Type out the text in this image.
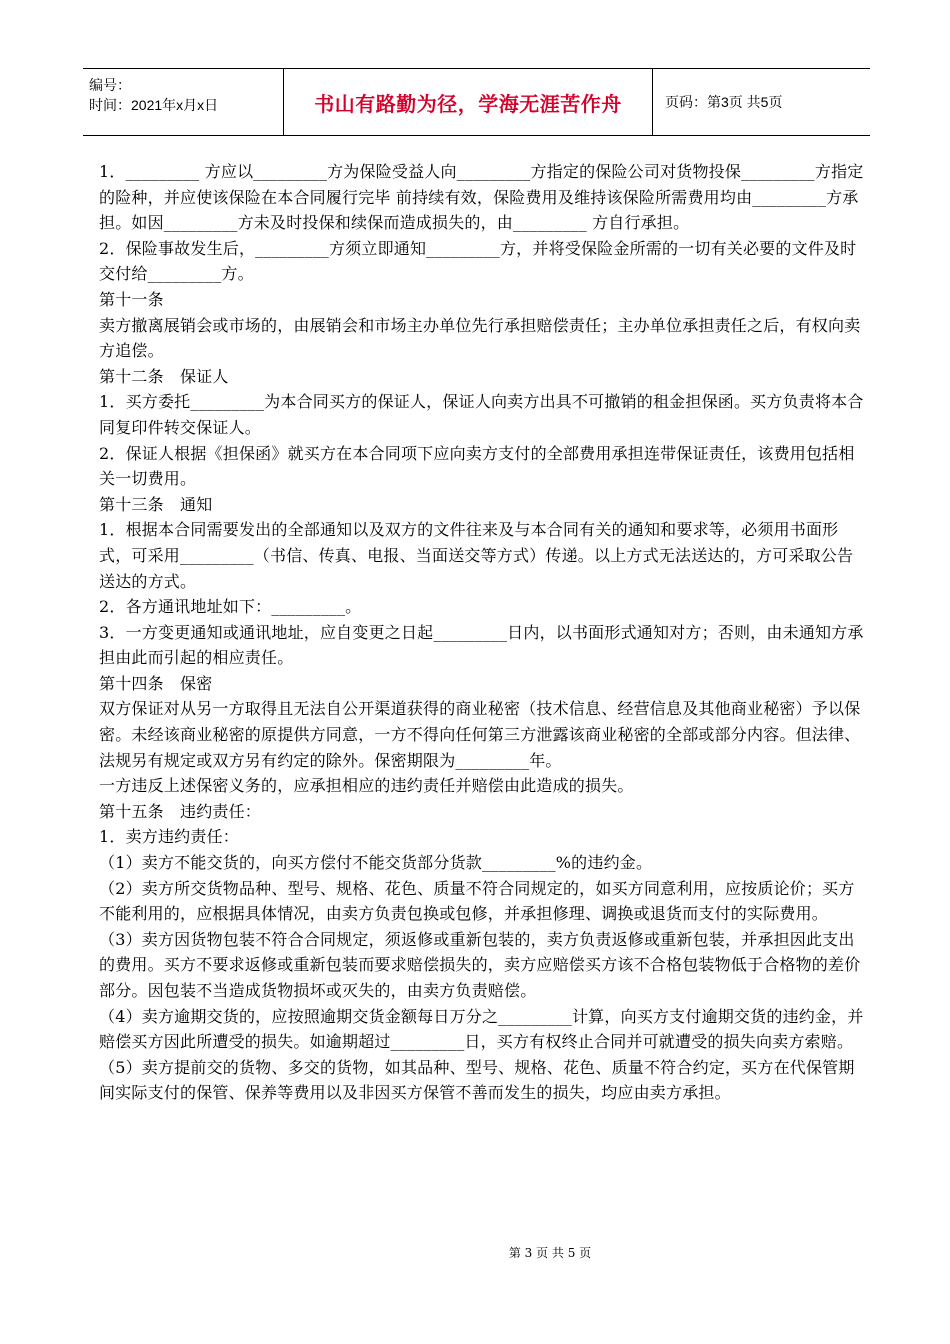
编号：
时间：2021年x月x日	书山有路勤为径，学海无涯苦作舟	页码：第3页 共5页

1．_________ 方应以_________方为保险受益人向_________方指定的保险公司对货物投保_________方指定的险种，并应使该保险在本合同履行完毕 前持续有效，保险费用及维持该保险所需费用均由_________方承担。如因_________方未及时投保和续保而造成损失的，由_________ 方自行承担。

2．保险事故发生后，_________方须立即通知_________方，并将受保险金所需的一切有关必要的文件及时交付给_________方。

第十一条

卖方撤离展销会或市场的，由展销会和市场主办单位先行承担赔偿责任；主办单位承担责任之后，有权向卖方追偿。

第十二条　保证人

1．买方委托_________为本合同买方的保证人，保证人向卖方出具不可撤销的租金担保函。买方负责将本合同复印件转交保证人。

2．保证人根据《担保函》就买方在本合同项下应向卖方支付的全部费用承担连带保证责任，该费用包括相关一切费用。

第十三条　通知

1．根据本合同需要发出的全部通知以及双方的文件往来及与本合同有关的通知和要求等，必须用书面形式，可采用_________（书信、传真、电报、当面送交等方式）传递。以上方式无法送达的，方可采取公告送达的方式。

2．各方通讯地址如下：_________。

3．一方变更通知或通讯地址，应自变更之日起_________日内，以书面形式通知对方；否则，由未通知方承担由此而引起的相应责任。

第十四条　保密

双方保证对从另一方取得且无法自公开渠道获得的商业秘密（技术信息、经营信息及其他商业秘密）予以保密。未经该商业秘密的原提供方同意，一方不得向任何第三方泄露该商业秘密的全部或部分内容。但法律、法规另有规定或双方另有约定的除外。保密期限为_________年。

一方违反上述保密义务的，应承担相应的违约责任并赔偿由此造成的损失。

第十五条　违约责任：

1．卖方违约责任：

（1）卖方不能交货的，向买方偿付不能交货部分货款_________%的违约金。

（2）卖方所交货物品种、型号、规格、花色、质量不符合同规定的，如买方同意利用，应按质论价；买方不能利用的，应根据具体情况，由卖方负责包换或包修，并承担修理、调换或退货而支付的实际费用。

（3）卖方因货物包装不符合合同规定，须返修或重新包装的，卖方负责返修或重新包装，并承担因此支出的费用。买方不要求返修或重新包装而要求赔偿损失的，卖方应赔偿买方该不合格包装物低于合格物的差价部分。因包装不当造成货物损坏或灭失的，由卖方负责赔偿。

（4）卖方逾期交货的，应按照逾期交货金额每日万分之_________计算，向买方支付逾期交货的违约金，并赔偿买方因此所遭受的损失。如逾期超过_________日，买方有权终止合同并可就遭受的损失向卖方索赔。

（5）卖方提前交的货物、多交的货物，如其品种、型号、规格、花色、质量不符合约定，买方在代保管期间实际支付的保管、保养等费用以及非因买方保管不善而发生的损失，均应由卖方承担。

第 3 页 共 5 页
